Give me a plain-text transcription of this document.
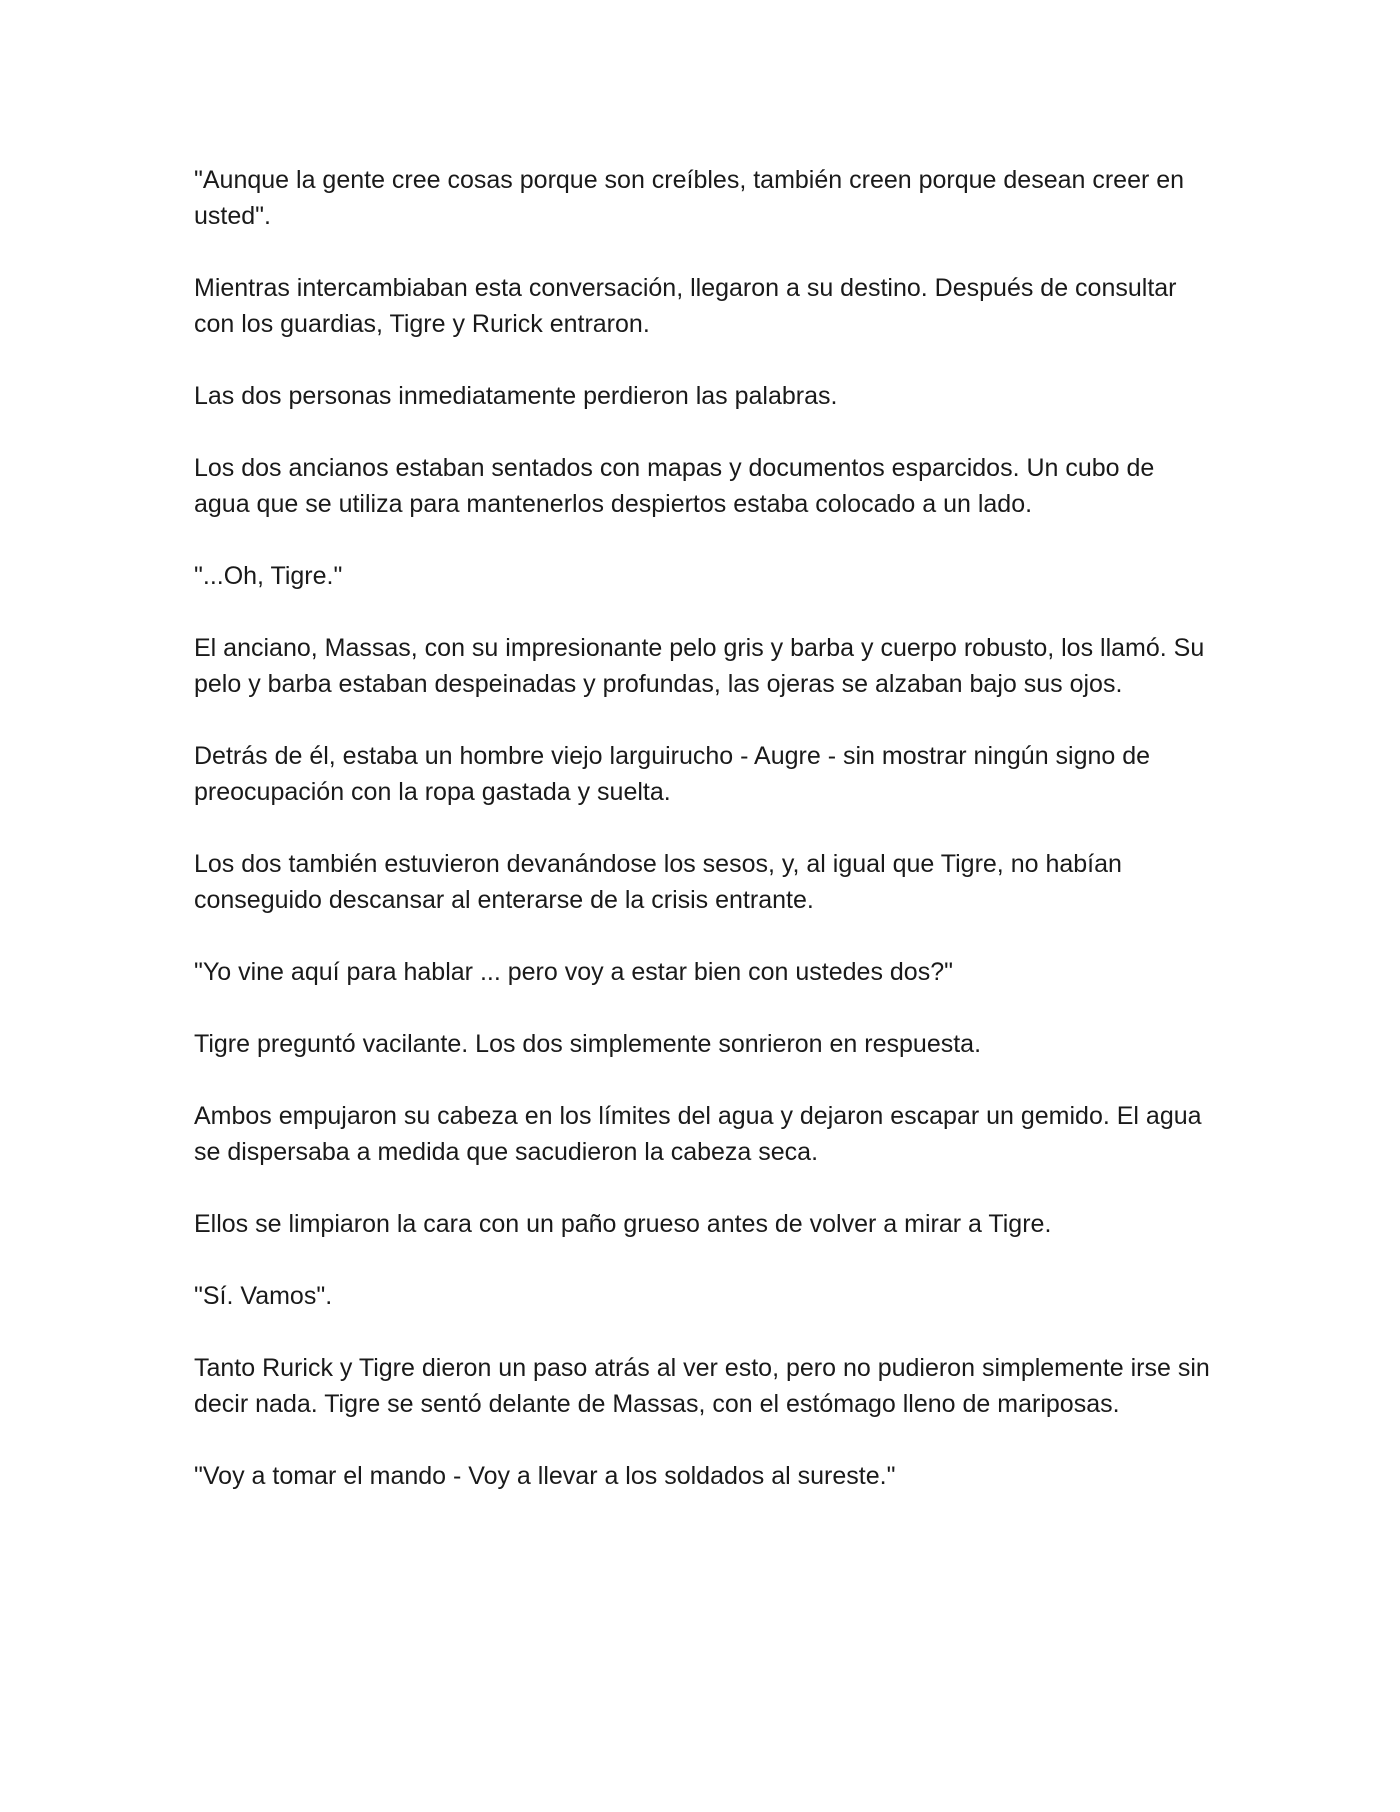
"Aunque la gente cree cosas porque son creíbles, también creen porque desean creer en usted".

Mientras intercambiaban esta conversación, llegaron a su destino. Después de consultar con los guardias, Tigre y Rurick entraron.

Las dos personas inmediatamente perdieron las palabras.

Los dos ancianos estaban sentados con mapas y documentos esparcidos. Un cubo de agua que se utiliza para mantenerlos despiertos estaba colocado a un lado.

"...Oh, Tigre."

El anciano, Massas, con su impresionante pelo gris y barba y cuerpo robusto, los llamó. Su pelo y barba estaban despeinadas y profundas, las ojeras se alzaban bajo sus ojos.

Detrás de él, estaba un hombre viejo larguirucho - Augre - sin mostrar ningún signo de preocupación con la ropa gastada y suelta.

Los dos también estuvieron devanándose los sesos, y, al igual que Tigre, no habían conseguido descansar al enterarse de la crisis entrante.

"Yo vine aquí para hablar ... pero voy a estar bien con ustedes dos?"

Tigre preguntó vacilante. Los dos simplemente sonrieron en respuesta.

Ambos empujaron su cabeza en los límites del agua y dejaron escapar un gemido. El agua se dispersaba a medida que sacudieron la cabeza seca.

Ellos se limpiaron la cara con un paño grueso antes de volver a mirar a Tigre.

"Sí. Vamos".

Tanto Rurick y Tigre dieron un paso atrás al ver esto, pero no pudieron simplemente irse sin decir nada. Tigre se sentó delante de Massas, con el estómago lleno de mariposas.

"Voy a tomar el mando - Voy a llevar a los soldados al sureste."
